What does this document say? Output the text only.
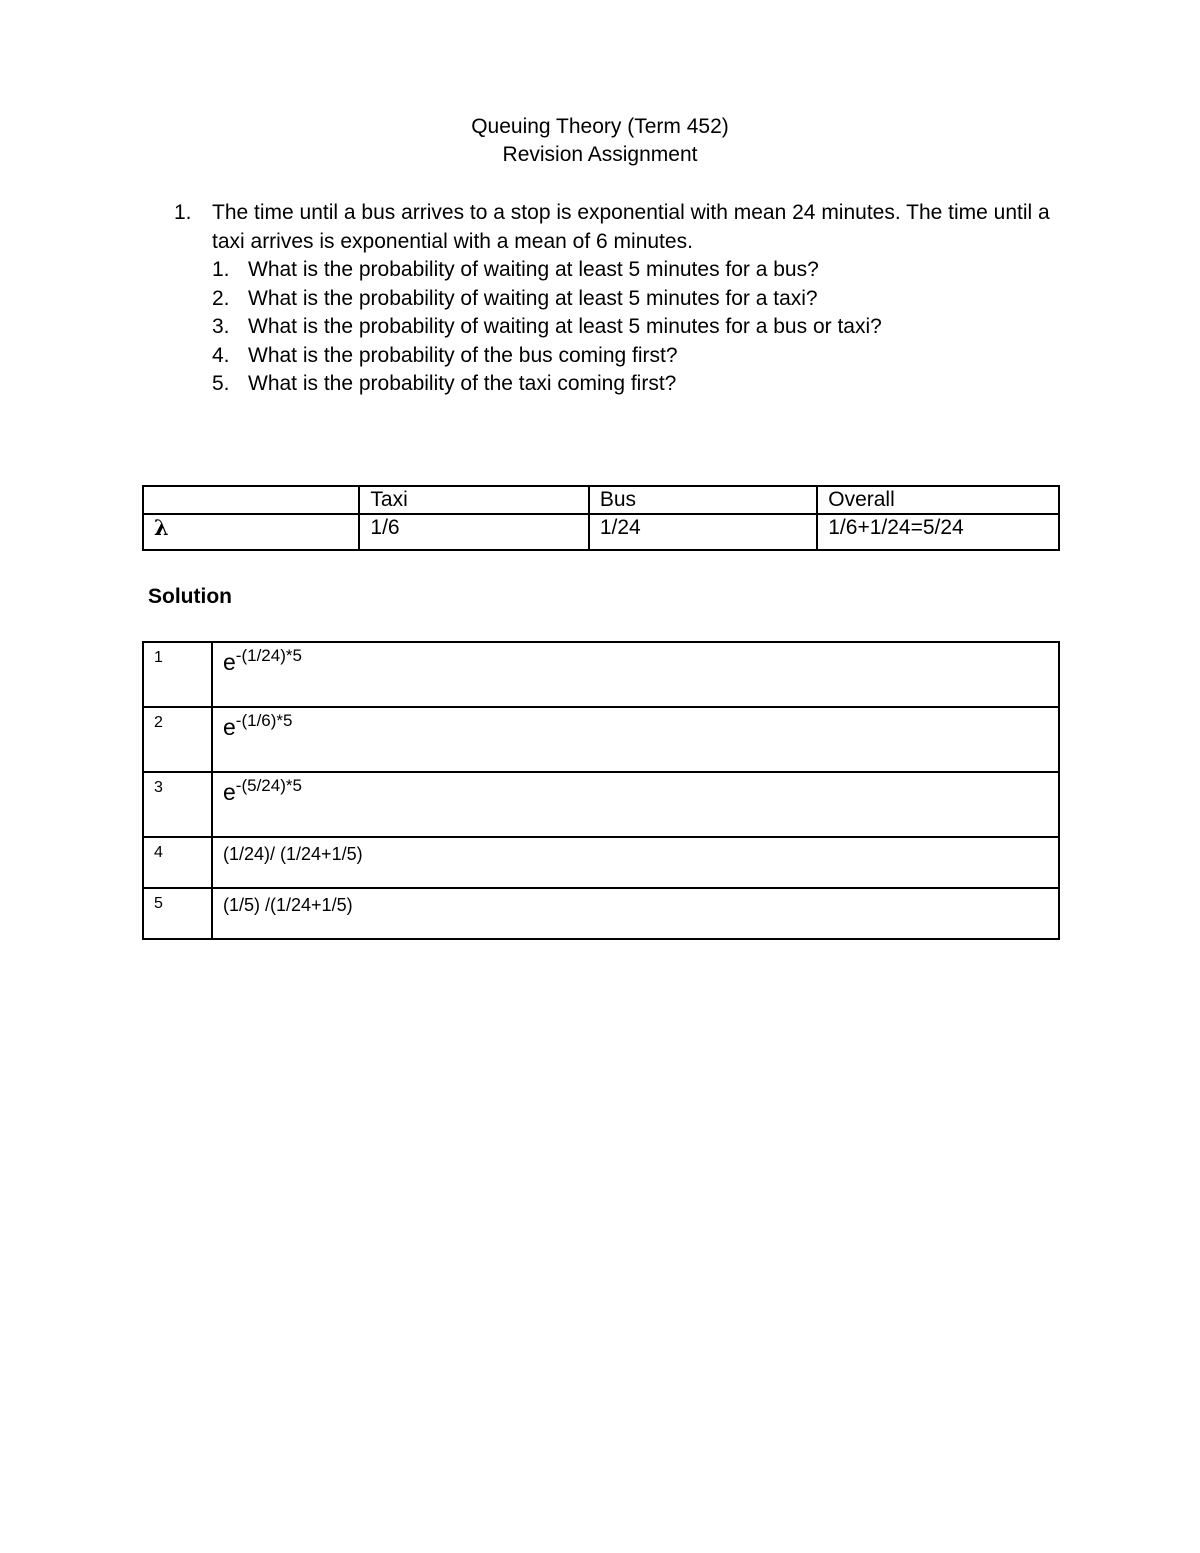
Queuing Theory (Term 452)
Revision Assignment
1. The time until a bus arrives to a stop is exponential with mean 24 minutes. The time until a taxi arrives is exponential with a mean of 6 minutes.
1. What is the probability of waiting at least 5 minutes for a bus?
2. What is the probability of waiting at least 5 minutes for a taxi?
3. What is the probability of waiting at least 5 minutes for a bus or taxi?
4. What is the probability of the bus coming first?
5. What is the probability of the taxi coming first?
	Taxi	Bus	Overall
λ	1/6	1/24	1/6+1/24=5/24
Solution
1	$e^{-(1/24)*5}$
2	$e^{-(1/6)*5}$
3	$e^{-(5/24)*5}$
4	(1/24)/ (1/24+1/5)
5	(1/5) /(1/24+1/5)
